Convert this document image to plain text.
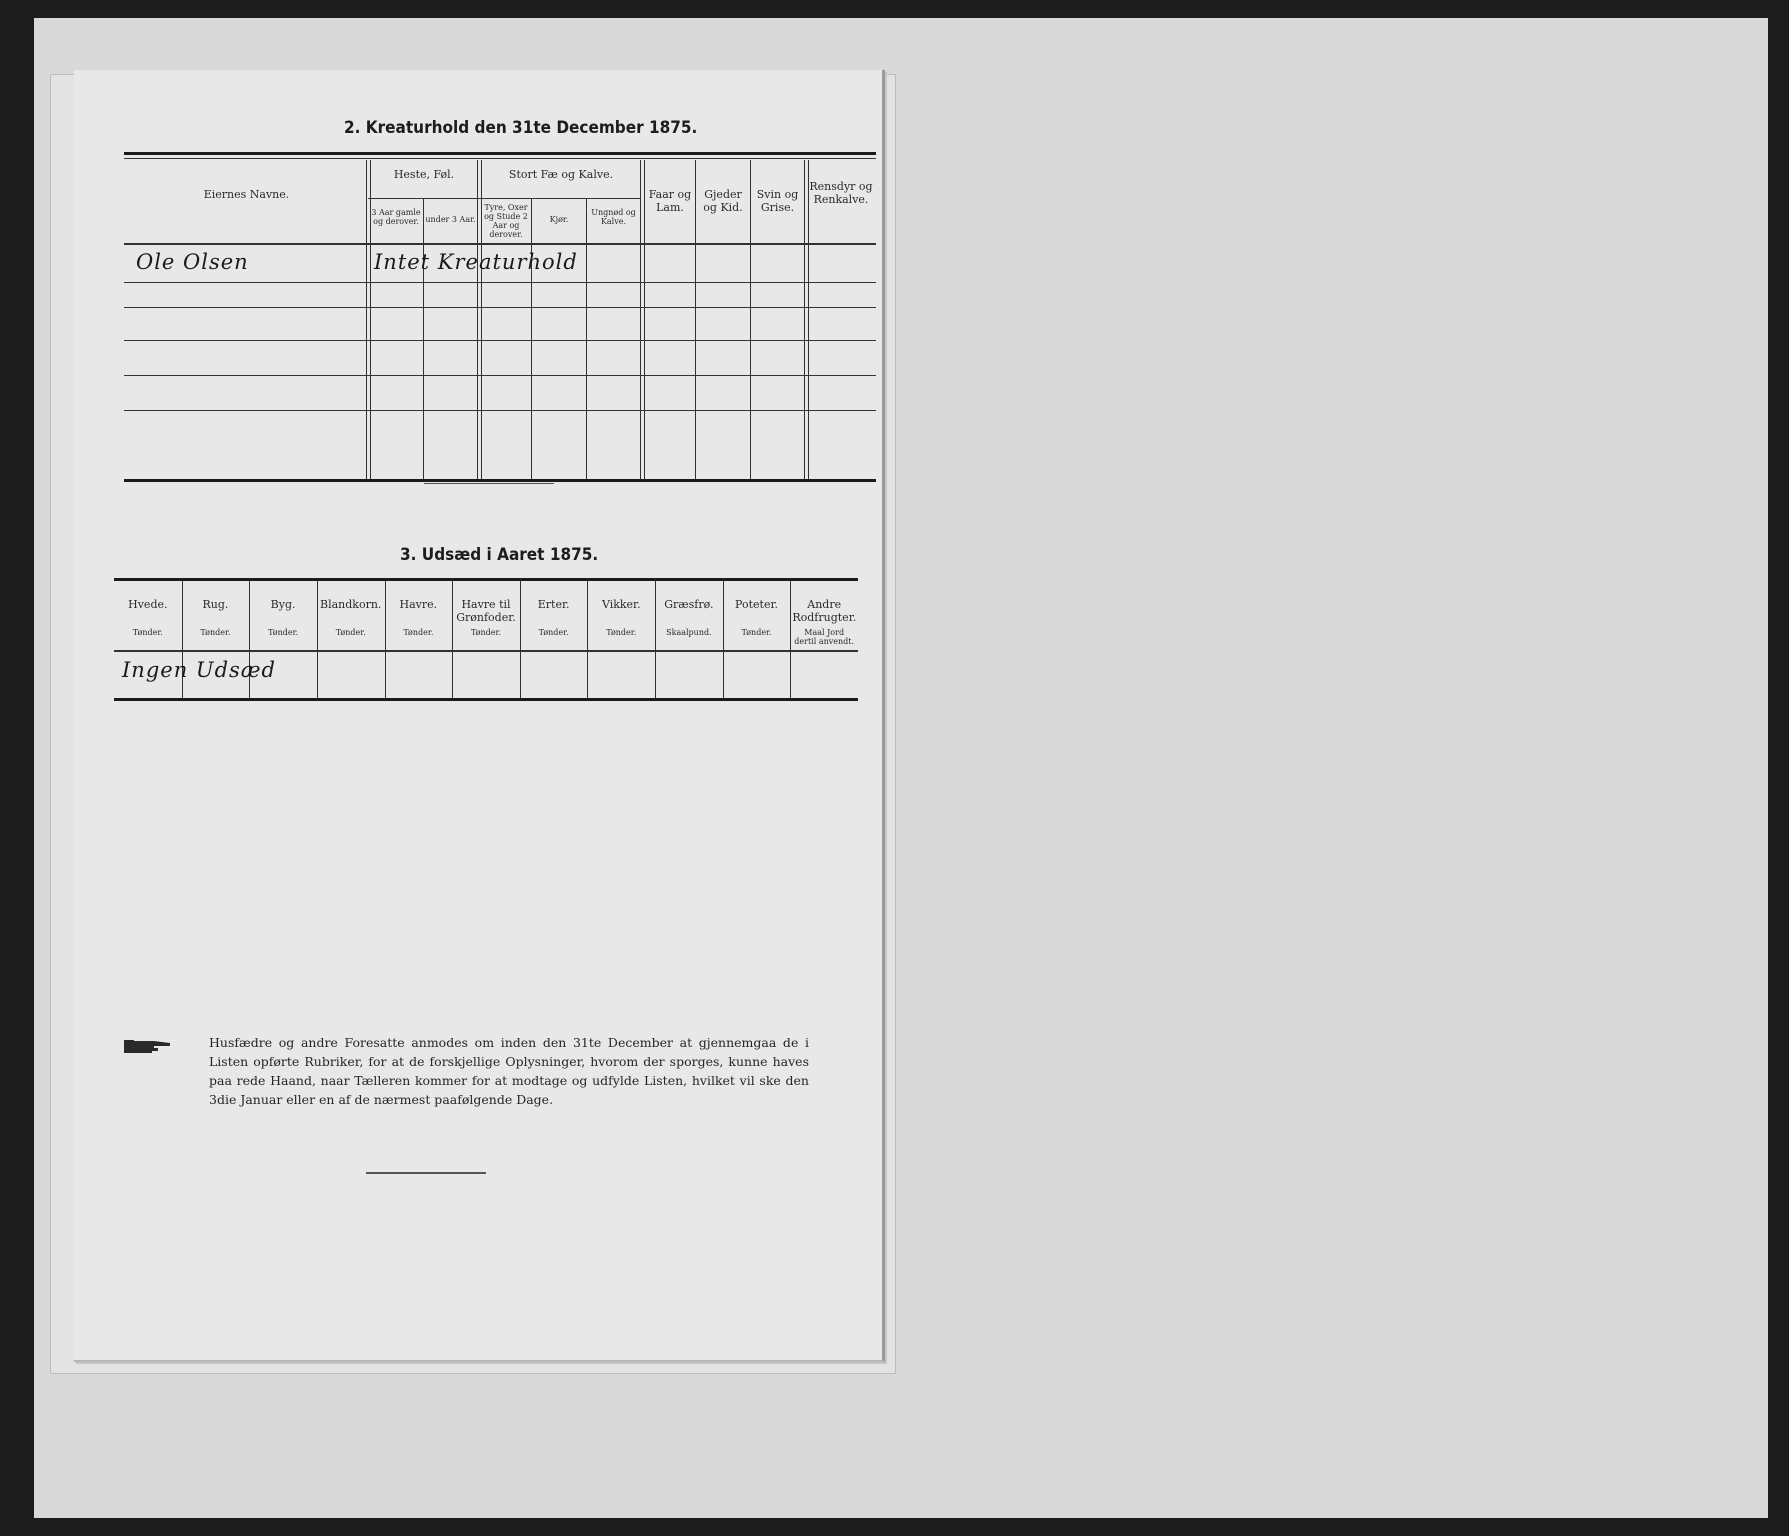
2. Kreaturhold den 31te December 1875.
Eiernes Navne.
Heste, Føl.	Stort Fæ og Kalve.
3 Aar gamle og derover. under 3 Aar.
Tyre, Oxer og Stude 2 Aar og derover.
Kjør.
Ungnød og Kalve.
Faar og Lam.
Gjeder og Kid.
Svin og Grise.
Rensdyr og Renkalve.
Ole Olsen	Intet Kreaturhold
3. Udsæd i Aaret 1875.
Hvede.
Tønder.
Rug.
Tønder.
Byg.
Tønder.
Blandkorn.
Tønder.
Havre.
Tønder.
Havre til Grønfoder.
Tønder.
Erter.
Tønder.
Vikker.
Tønder.
Græsfrø.
Skaalpund.
Poteter.
Tønder.
Andre Rodfrugter.
Maal Jord dertil anvendt.
Ingen Udsæd
Husfædre og andre Foresatte anmodes om inden den 31te December at gjennemgaa de i Listen opførte Rubriker, for at de forskjellige Oplysninger, hvorom der sporges, kunne haves paa rede Haand, naar Tælleren kommer for at modtage og udfylde Listen, hvilket vil ske den 3die Januar eller en af de nærmest paafølgende Dage.
